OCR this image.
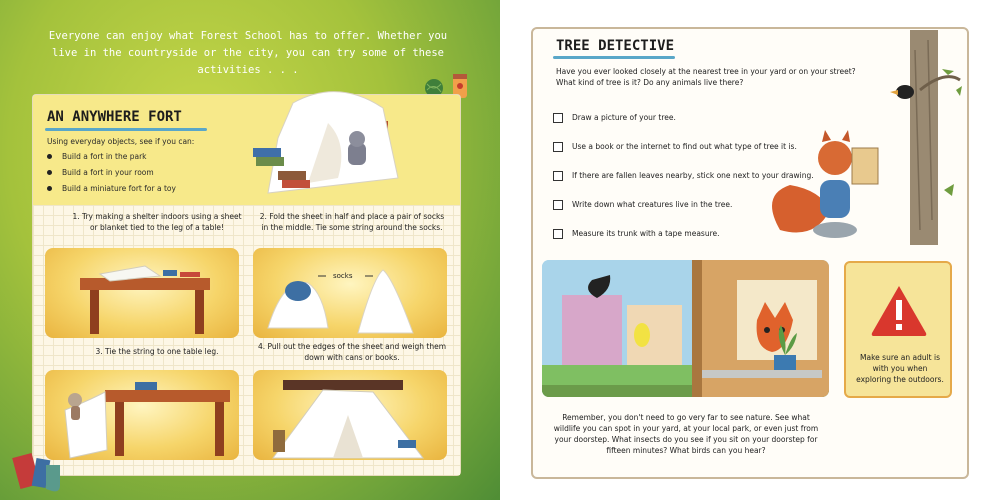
Everyone can enjoy what Forest School has to offer. Whether you live in the countryside or the city, you can try some of these activities . . .

AN ANYWHERE FORT
Using everyday objects, see if you can:
Build a fort in the park
Build a fort in your room
Build a miniature fort for a toy

1. Try making a shelter indoors using a sheet or blanket tied to the leg of a table!

2. Fold the sheet in half and place a pair of socks in the middle. Tie some string around the socks.

socks

3. Tie the string to one table leg.

4. Pull out the edges of the sheet and weigh them down with cans or books.

TREE DETECTIVE

Have you ever looked closely at the nearest tree in your yard or on your street? What kind of tree is it? Do any animals live there?

Draw a picture of your tree.
Use a book or the internet to find out what type of tree it is.
If there are fallen leaves nearby, stick one next to your drawing.
Write down what creatures live in the tree.
Measure its trunk with a tape measure.

Make sure an adult is with you when exploring the outdoors.

Remember, you don't need to go very far to see nature. See what wildlife you can spot in your yard, at your local park, or even just from your doorstep. What insects do you see if you sit on your doorstep for fifteen minutes? What birds can you hear?
